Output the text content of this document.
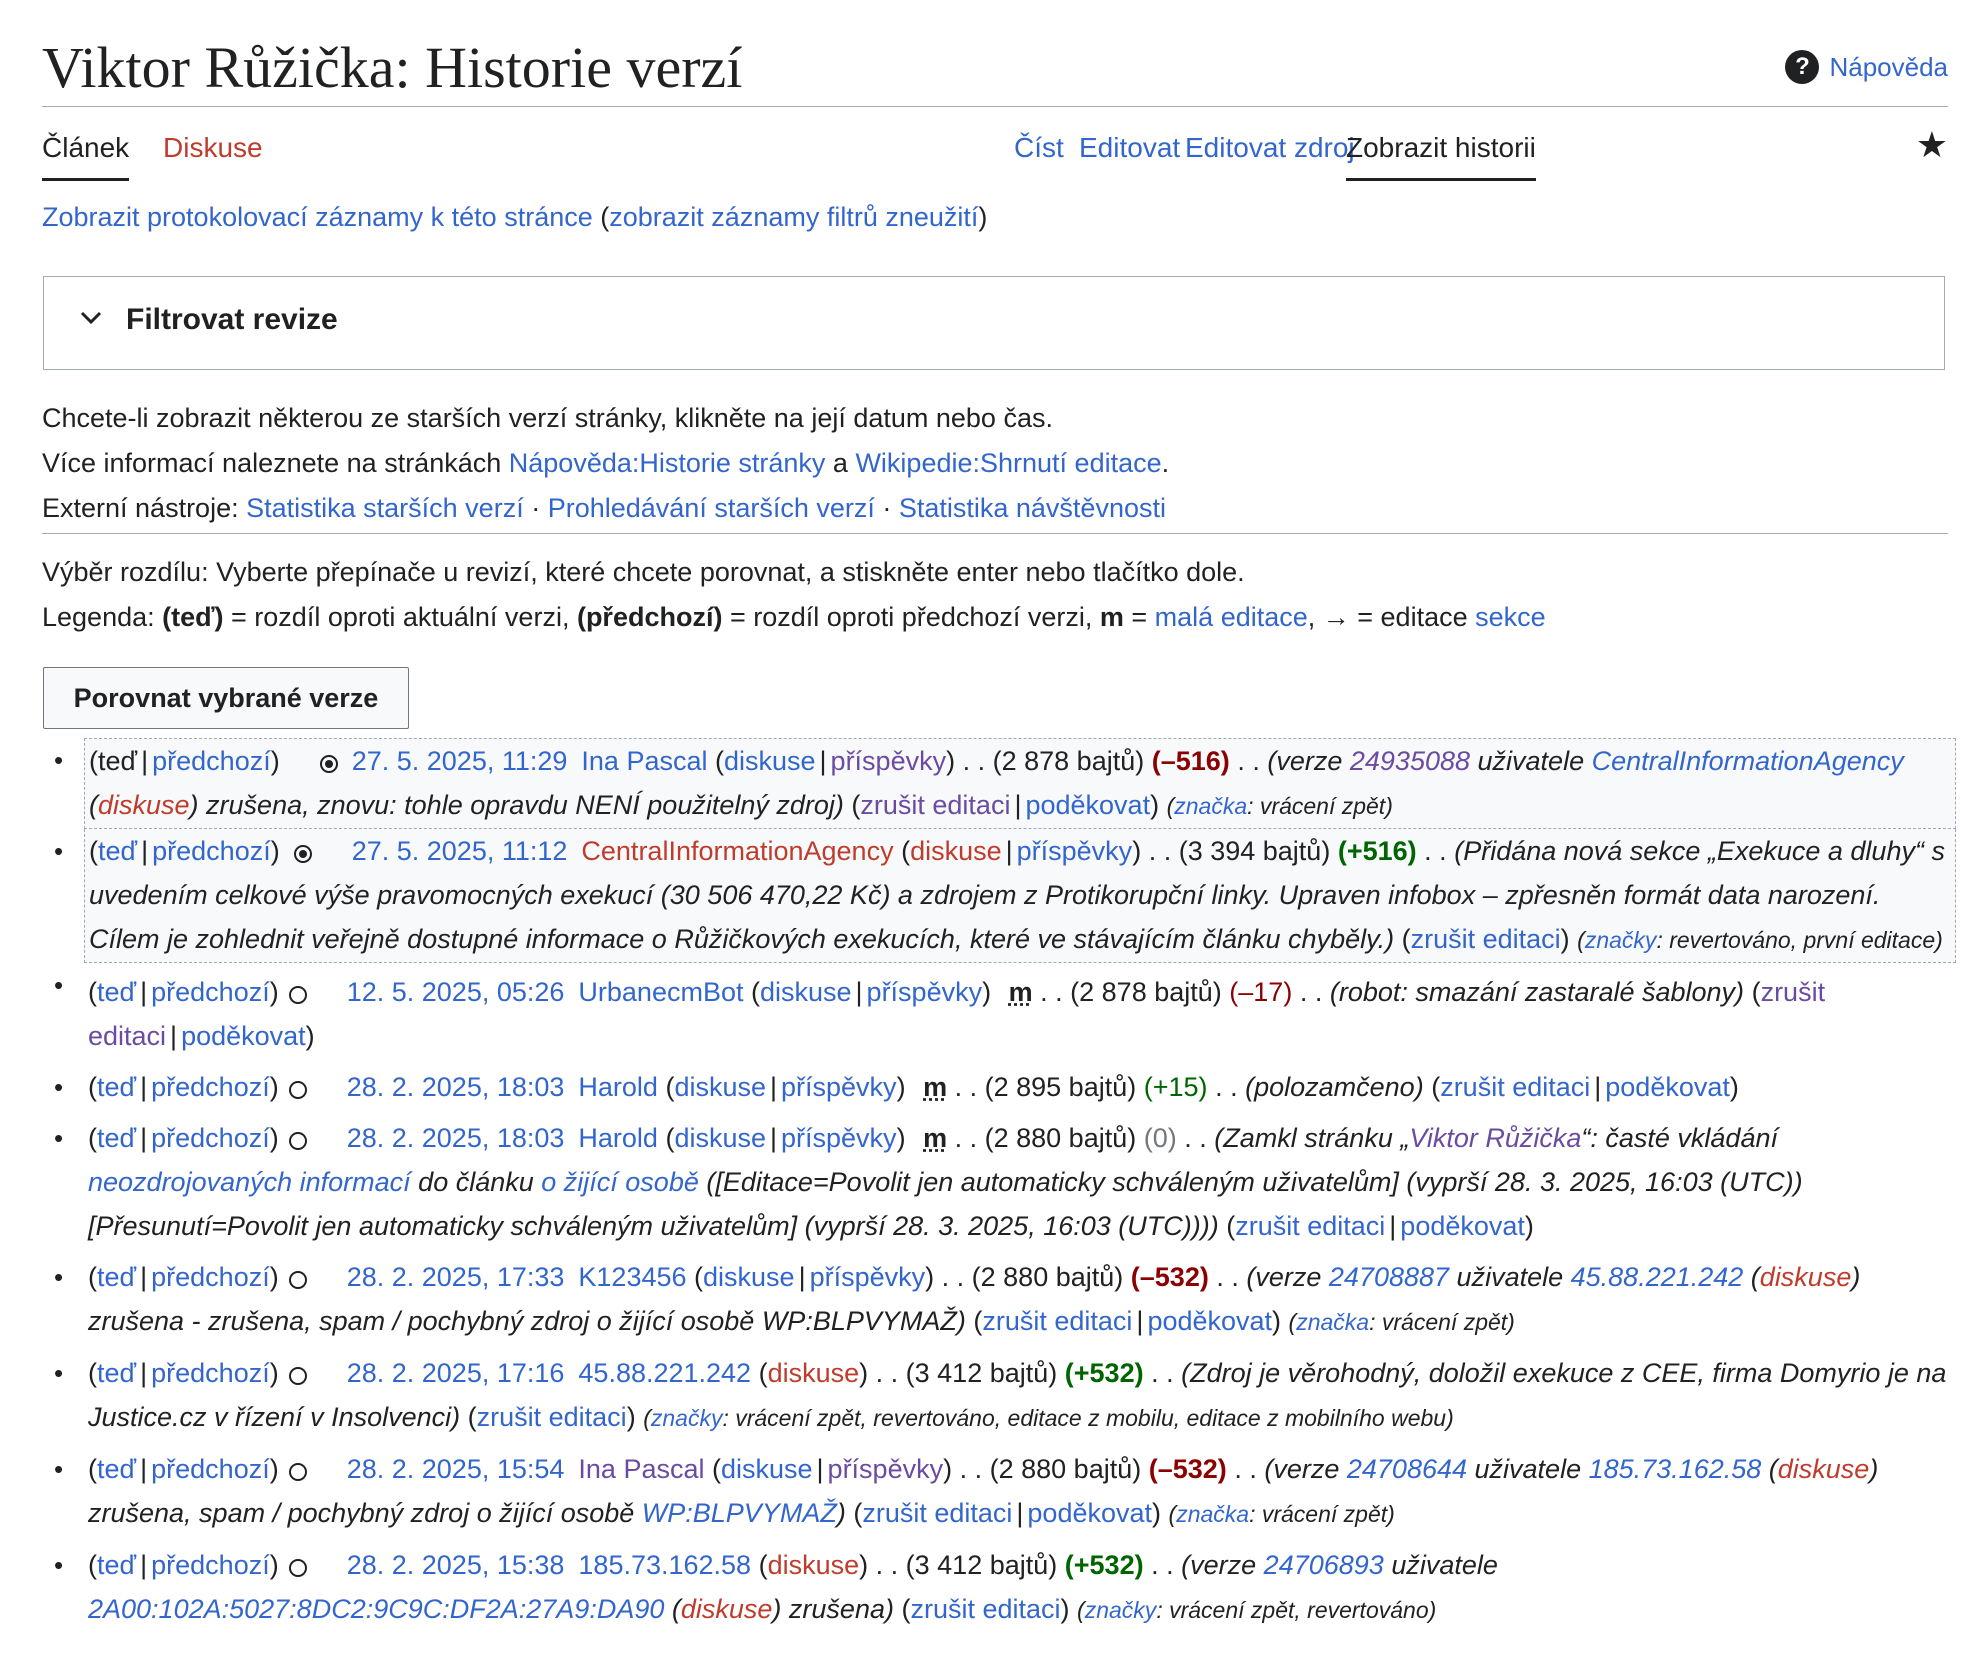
Viktor Růžička: Historie verzí	? Nápověda
Článek Diskuse	Číst Editovat Editovat zdroj
Zobrazit historii	★
Zobrazit protokolovací záznamy k této stránce (zobrazit záznamy filtrů zneužití)
Filtrovat revize
Chcete-li zobrazit některou ze starších verzí stránky, klikněte na její datum nebo čas.
Více informací naleznete na stránkách Nápověda:Historie stránky a Wikipedie:Shrnutí editace.
Externí nástroje: Statistika starších verzí · Prohledávání starších verzí · Statistika návštěvnosti
Výběr rozdílu: Vyberte přepínače u revizí, které chcete porovnat, a stiskněte enter nebo tlačítko dole.
Legenda: (teď) = rozdíl oproti aktuální verzi, (předchozí) = rozdíl oproti předchozí verzi, m = malá editace, → = editace sekce
Porovnat vybrané verze
• (teď | předchozí)	27. 5. 2025, 11:29 Ina Pascal (diskuse | příspěvky) . . (2 878 bajtů) (–516) . . (verze 24935088 uživatele CentralInformationAgency (diskuse) zrušena, znovu: tohle opravdu NENÍ použitelný zdroj) (zrušit editaci | poděkovat) (značka: vrácení zpět)
• (teď | předchozí)	27. 5. 2025, 11:12 CentralInformationAgency (diskuse | příspěvky) . . (3 394 bajtů) (+516) . . (Přidána nová sekce „Exekuce a dluhy“ s uvedením celkové výše pravomocných exekucí (30 506 470,22 Kč) a zdrojem z Protikorupční linky. Upraven infobox – zpřesněn formát data narození. Cílem je zohlednit veřejně dostupné informace o Růžičkových exekucích, které ve stávajícím článku chyběly.) (zrušit editaci) (značky: revertováno, první editace)
• (teď | předchozí)	12. 5. 2025, 05:26 UrbanecmBot (diskuse | příspěvky) m . . (2 878 bajtů) (–17) . . (robot: smazání zastaralé šablony) (zrušit editaci | poděkovat)
• (teď | předchozí)	28. 2. 2025, 18:03 Harold (diskuse | příspěvky) m . . (2 895 bajtů) (+15) . . (polozamčeno) (zrušit editaci | poděkovat)
• (teď | předchozí)	28. 2. 2025, 18:03 Harold (diskuse | příspěvky) m . . (2 880 bajtů) (0) . . (Zamkl stránku „Viktor Růžička“: časté vkládání neozdrojovaných informací do článku o žijící osobě ([Editace=Povolit jen automaticky schváleným uživatelům] (vyprší 28. 3. 2025, 16:03 (UTC)) [Přesunutí=Povolit jen automaticky schváleným uživatelům] (vyprší 28. 3. 2025, 16:03 (UTC)))) (zrušit editaci | poděkovat)
• (teď | předchozí)	28. 2. 2025, 17:33 K123456 (diskuse | příspěvky) . . (2 880 bajtů) (–532) . . (verze 24708887 uživatele 45.88.221.242 (diskuse) zrušena - zrušena, spam / pochybný zdroj o žijící osobě WP:BLPVYMAŽ) (zrušit editaci | poděkovat) (značka: vrácení zpět)
• (teď | předchozí)	28. 2. 2025, 17:16 45.88.221.242 (diskuse) . . (3 412 bajtů) (+532) . . (Zdroj je věrohodný, doložil exekuce z CEE, firma Domyrio je na Justice.cz v řízení v Insolvenci) (zrušit editaci) (značky: vrácení zpět, revertováno, editace z mobilu, editace z mobilního webu)
• (teď | předchozí)	28. 2. 2025, 15:54 Ina Pascal (diskuse | příspěvky) . . (2 880 bajtů) (–532) . . (verze 24708644 uživatele 185.73.162.58 (diskuse) zrušena, spam / pochybný zdroj o žijící osobě WP:BLPVYMAŽ) (zrušit editaci | poděkovat) (značka: vrácení zpět)
• (teď | předchozí)	28. 2. 2025, 15:38 185.73.162.58 (diskuse) . . (3 412 bajtů) (+532) . . (verze 24706893 uživatele 2A00:102A:5027:8DC2:9C9C:DF2A:27A9:DA90 (diskuse) zrušena) (zrušit editaci) (značky: vrácení zpět, revertováno)
